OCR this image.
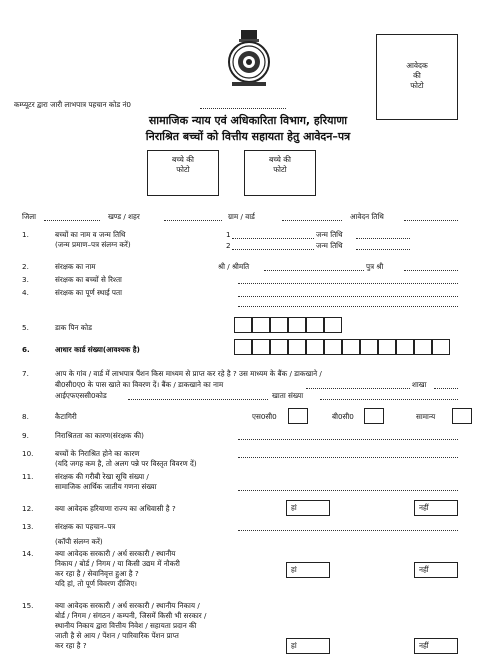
आवेदक
की
फोटो
कम्प्यूटर द्वारा जारी लाभपात्र पहचान कोड नं0
सामाजिक न्याय एवं अधिकारिता विभाग, हरियाणा
निराश्रित बच्चों को वित्तीय सहायता हेतु आवेदन–पत्र
बच्चे की
फोटो
बच्चे की
फोटो
जिला	खण्ड / शहर	ग्राम / वार्ड	आवेदन तिथि
1.	बच्चों का नाम व जन्म तिथि
(जन्म प्रमाण–पत्र संलग्न करें)
1	जन्म तिथि
2	जन्म तिथि
2.	संरक्षक का नाम	श्री / श्रीमति	पुत्र श्री
3.	संरक्षक का बच्चों से रिश्ता
4.	संरक्षक का पूर्ण स्थाई पता
5.	डाक पिन कोड
6.	आधार कार्ड संख्या(आवश्यक है)
7.	आप के गांव / वार्ड में लाभपात्र पैंशन किस माध्यम से प्राप्त कर रहे है ? उस माध्यम के बैंक / डाकखाने /
बी0सी0ए0 के पास खाते का विवरण दें। बैंक / डाकखाने का नाम	शाखा
आईएफएससी0कोड	खाता संख्या
8.	कैटागिरी	एस0सी0	बी0सी0	सामान्य
9.	निराश्रितता का कारण(संरक्षक की)
10.	बच्चों के निराश्रित होने का कारण
(यदि जगह कम है, तो अलग पन्ने पर विस्तृत विवरण दें)
11.	संरक्षक की गरीबी रेखा सूचि संख्या /
सामाजिक आर्थिक जातीय गणना संख्या
12.	क्या आवेदक हरियाणा राज्य का अधिवासी है ?	हां	नहीं
13.	संरक्षक का पहचान–पत्र
(कॉपी संलग्न करें)
14.	क्या आवेदक सरकारी / अर्ध सरकारी / स्थानीय
निकाय / बोर्ड / निगम / या किसी उद्यम में नौकरी
कर रहा है / सेवानिवृत्त हुआ है ?
यदि हां, तो पूर्ण विवरण दीजिए।
हां	नहीं
15.	क्या आवेदक सरकारी / अर्ध सरकारी / स्थानीय निकाय /
बोर्ड / निगम / संगठन / कम्पनी, जिसमें किसी भी सरकार /
स्थानीय निकाय द्वारा वित्तीय निवेश / सहायता प्रदान की
जाती है से आय / पेंशन / पारिवारिक पेंशन प्राप्त
कर रहा है ?	हां	नहीं
